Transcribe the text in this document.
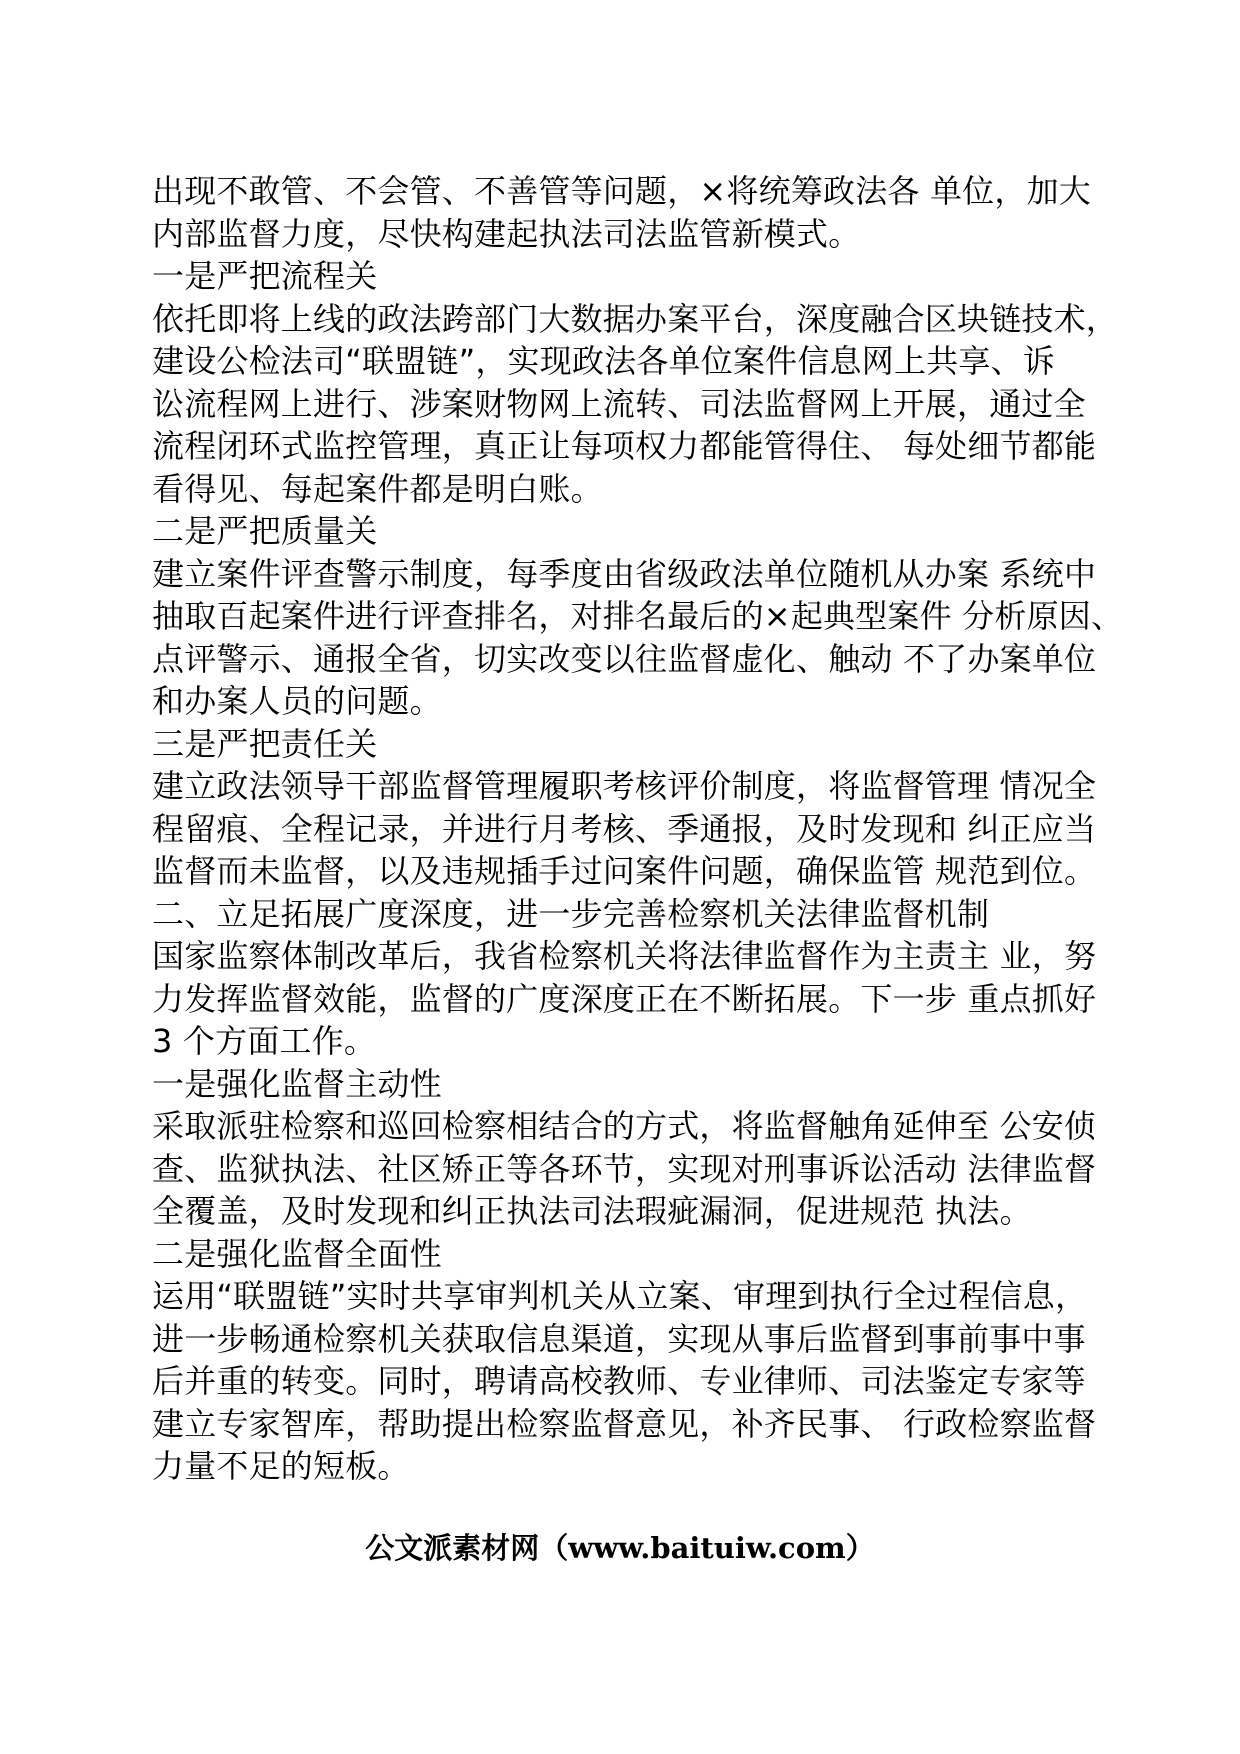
出现不敢管、不会管、不善管等问题，×将统筹政法各 单位，加大
内部监督力度，尽快构建起执法司法监管新模式。
一是严把流程关
依托即将上线的政法跨部门大数据办案平台，深度融合区块链技术，
建设公检法司“联盟链”，实现政法各单位案件信息网上共享、诉
讼流程网上进行、涉案财物网上流转、司法监督网上开展，通过全
流程闭环式监控管理，真正让每项权力都能管得住、 每处细节都能
看得见、每起案件都是明白账。
二是严把质量关
建立案件评查警示制度，每季度由省级政法单位随机从办案 系统中
抽取百起案件进行评查排名，对排名最后的×起典型案件 分析原因、
点评警示、通报全省，切实改变以往监督虚化、触动 不了办案单位
和办案人员的问题。
三是严把责任关
建立政法领导干部监督管理履职考核评价制度，将监督管理 情况全
程留痕、全程记录，并进行月考核、季通报，及时发现和 纠正应当
监督而未监督，以及违规插手过问案件问题，确保监管 规范到位。
二、立足拓展广度深度，进一步完善检察机关法律监督机制
国家监察体制改革后，我省检察机关将法律监督作为主责主 业，努
力发挥监督效能，监督的广度深度正在不断拓展。下一步 重点抓好
3 个方面工作。
一是强化监督主动性
采取派驻检察和巡回检察相结合的方式，将监督触角延伸至 公安侦
查、监狱执法、社区矫正等各环节，实现对刑事诉讼活动 法律监督
全覆盖，及时发现和纠正执法司法瑕疵漏洞，促进规范 执法。
二是强化监督全面性
运用“联盟链”实时共享审判机关从立案、审理到执行全过程信息，
进一步畅通检察机关获取信息渠道，实现从事后监督到事前事中事
后并重的转变。同时，聘请高校教师、专业律师、司法鉴定专家等
建立专家智库，帮助提出检察监督意见，补齐民事、 行政检察监督
力量不足的短板。
公文派素材网（www.baituiw.com）
